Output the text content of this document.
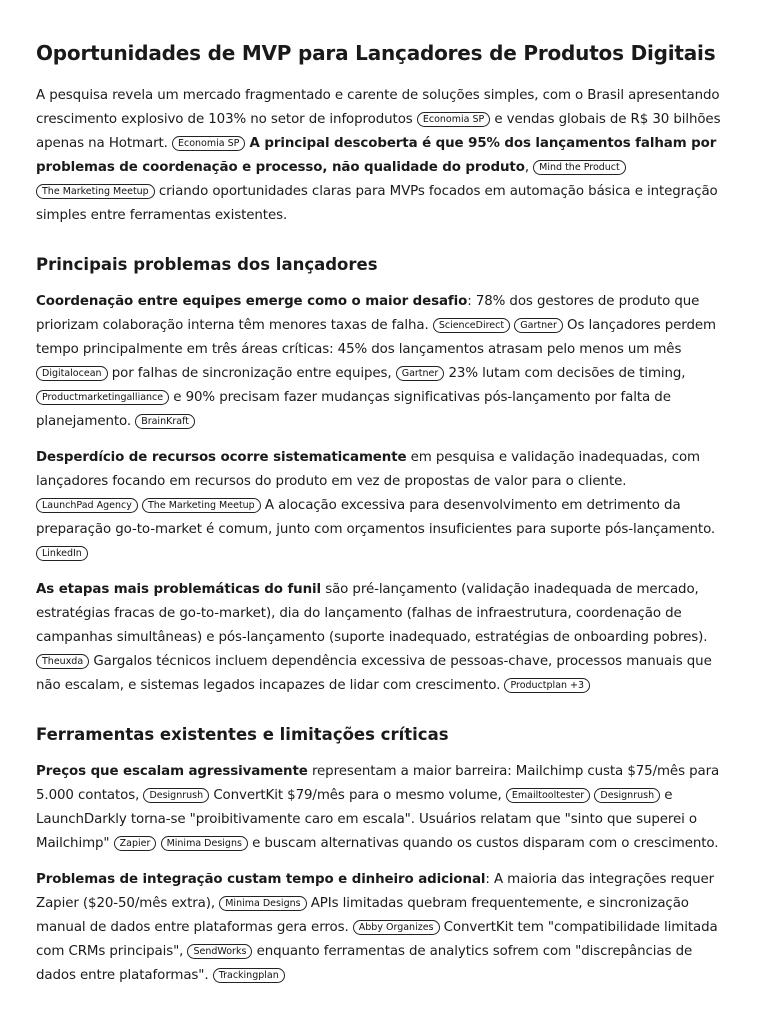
Oportunidades de MVP para Lançadores de Produtos Digitais

A pesquisa revela um mercado fragmentado e carente de soluções simples, com o Brasil apresentando crescimento explosivo de 103% no setor de infoprodutos Economia SP e vendas globais de R$ 30 bilhões apenas na Hotmart. Economia SP A principal descoberta é que 95% dos lançamentos falham por problemas de coordenação e processo, não qualidade do produto, Mind the Product The Marketing Meetup criando oportunidades claras para MVPs focados em automação básica e integração simples entre ferramentas existentes.

Principais problemas dos lançadores

Coordenação entre equipes emerge como o maior desafio: 78% dos gestores de produto que priorizam colaboração interna têm menores taxas de falha. ScienceDirect Gartner Os lançadores perdem tempo principalmente em três áreas críticas: 45% dos lançamentos atrasam pelo menos um mês Digitalocean por falhas de sincronização entre equipes, Gartner 23% lutam com decisões de timing, Productmarketingalliance e 90% precisam fazer mudanças significativas pós-lançamento por falta de planejamento. BrainKraft

Desperdício de recursos ocorre sistematicamente em pesquisa e validação inadequadas, com lançadores focando em recursos do produto em vez de propostas de valor para o cliente. LaunchPad Agency The Marketing Meetup A alocação excessiva para desenvolvimento em detrimento da preparação go-to-market é comum, junto com orçamentos insuficientes para suporte pós-lançamento. LinkedIn

As etapas mais problemáticas do funil são pré-lançamento (validação inadequada de mercado, estratégias fracas de go-to-market), dia do lançamento (falhas de infraestrutura, coordenação de campanhas simultâneas) e pós-lançamento (suporte inadequado, estratégias de onboarding pobres). Theuxda Gargalos técnicos incluem dependência excessiva de pessoas-chave, processos manuais que não escalam, e sistemas legados incapazes de lidar com crescimento. Productplan +3

Ferramentas existentes e limitações críticas

Preços que escalam agressivamente representam a maior barreira: Mailchimp custa $75/mês para 5.000 contatos, Designrush ConvertKit $79/mês para o mesmo volume, Emailtooltester Designrush e LaunchDarkly torna-se "proibitivamente caro em escala". Usuários relatam que "sinto que superei o Mailchimp" Zapier Minima Designs e buscam alternativas quando os custos disparam com o crescimento.

Problemas de integração custam tempo e dinheiro adicional: A maioria das integrações requer Zapier ($20-50/mês extra), Minima Designs APIs limitadas quebram frequentemente, e sincronização manual de dados entre plataformas gera erros. Abby Organizes ConvertKit tem "compatibilidade limitada com CRMs principais", SendWorks enquanto ferramentas de analytics sofrem com "discrepâncias de dados entre plataformas". Trackingplan
